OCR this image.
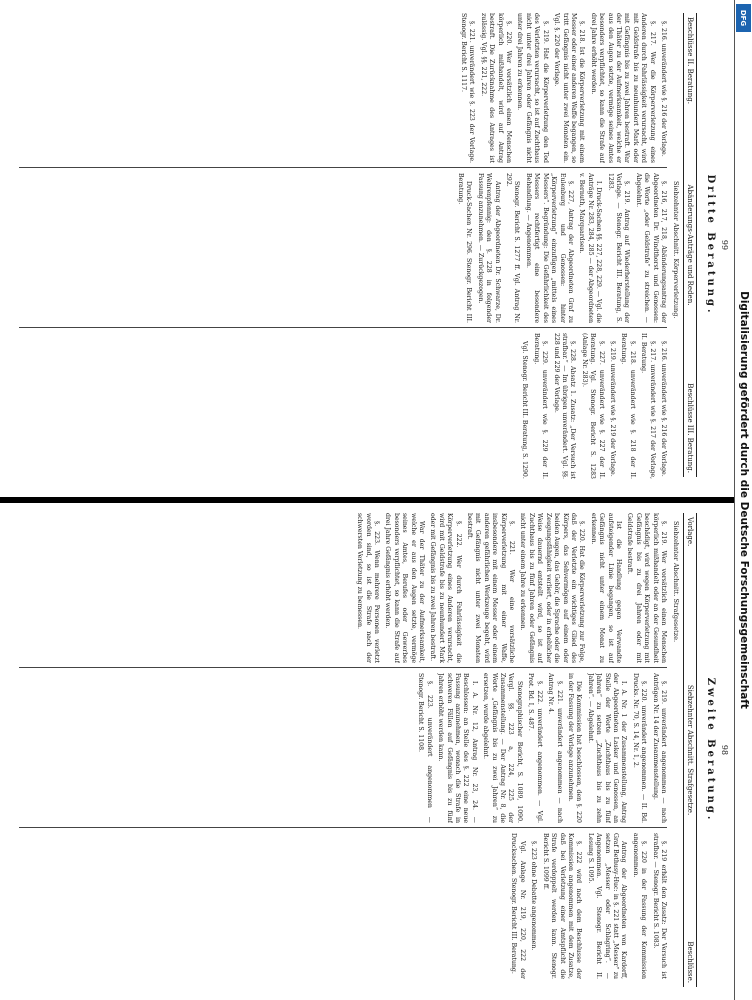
99
Dritte Beratung.
Beschlüsse II. Beratung.
Abänderungs-Anträge und Reden.
Beschlüsse III. Beratung.
Siebzehnter Abschnitt. Körperverletzung.

§. 216. unverändert wie §. 216 der Vorlage.

§. 217. Wer die Körperverletzung eines Anderen durch Fahrlässigkeit verursacht, wird mit Geldstrafe bis zu neunhundert Mark oder mit Gefängnis bis zu zwei Jahren bestraft. War der Thäter zu der Aufmerksamkeit, welche er aus den Augen setzte, vermöge seines Amtes besonders verpflichtet, so kann die Strafe auf drei Jahre erhöht werden.

§. 218. Ist die Körperverletzung mit einem Messer oder einer anderen Waffe begangen, so tritt Gefängnis nicht unter zwei Monaten ein. Vgl. §. 220 der Vorlage.

§. 219. Hat die Körperverletzung den Tod des Verletzten verursacht, so ist auf Zuchthaus nicht unter drei Jahren oder Gefängnis nicht unter drei Jahren zu erkennen.

§. 220. Wer vorsätzlich einen Menschen körperlich mißhandelt, wird auf Antrag bestraft. Die Zurücknahme des Antrages ist zulässig. Vgl. §§. 221, 222.

§. 221. unverändert wie §. 223 der Vorlage. Stenogr. Bericht S. 1117.

§. 216, 217, 218, Abänderungsantrag der Abgeordneten Dr. Windthorst und Genossen: die Worte „oder Geldstrafe“ zu streichen. — Abgelehnt.

§. 219. Antrag auf Wiederherstellung der Vorlage. — Stenogr. Bericht III. Beratung, S. 1283.

I. Druck-Sachen §§. 227, 228, 229. — Vgl. die Anträge Nr. 283, 284, 285 — der Abgeordneten v. Bernuth, Marquardsen.

§. 227, Antrag der Abgeordneten Graf zu Eulenburg und Genossen: hinter „Körperverletzung“ einzufügen „mittels eines Messers“. Begründung: Die Gefährlichkeit des Messers rechtfertigt eine besondere Behandlung. — Angenommen.

Stenogr. Bericht S. 1277 ff. Vgl. Antrag Nr. 292.

Antrag der Abgeordneten Dr. Schwarze, Dr. Wehrenpfennig: den §. 228 in folgender Fassung anzunehmen. — Zurückgezogen.

Druck-Sachen Nr. 296. Stenogr. Bericht III. Beratung.

§. 216. unverändert wie §. 216 der Vorlage.

§. 217. unverändert wie §. 217 der Vorlage, II. Beratung.

§. 218. unverändert wie §. 218 der II. Beratung.

§. 219. unverändert wie §. 219 der Vorlage.

§. 227. unverändert wie §. 227 der II. Beratung. Vgl. Stenogr. Bericht S. 1283 (Anlage Nr. 283).

§. 228. Absatz 1. Zusatz: „Der Versuch ist strafbar.“ — Im übrigen unverändert. Vgl. §§. 228 und 229 der Vorlage.

§. 229. unverändert wie §. 229 der II. Beratung.

Vgl. Stenogr. Bericht III. Beratung, S. 1290.

98
Zweite Beratung.
Vorlage.
Siebzehnter Abschnitt. Strafgesetze.
Beschlüsse.
Siebzehnter Abschnitt. Strafgesetze.

§. 219. Wer vorsätzlich einen Menschen körperlich mißhandelt oder an der Gesundheit beschädigt, wird wegen Körperverletzung mit Gefängnis bis zu drei Jahren oder mit Geldstrafe bestraft.

Ist die Handlung gegen Verwandte aufsteigender Linie begangen, so ist auf Gefängnis nicht unter einem Monat zu erkennen.

§. 220. Hat die Körperverletzung zur Folge, daß der Verletzte ein wichtiges Glied des Körpers, das Sehvermögen auf einem oder beiden Augen, das Gehör, die Sprache oder die Zeugungsfähigkeit verliert, oder in erheblicher Weise dauernd entstellt wird, so ist auf Zuchthaus bis zu fünf Jahren oder Gefängnis nicht unter einem Jahre zu erkennen.

§. 221. Wer eine vorsätzliche Körperverletzung mit einer Waffe, insbesondere mit einem Messer oder einem anderen gefährlichen Werkzeuge begeht, wird mit Gefängnis nicht unter zwei Monaten bestraft.

§. 222. Wer durch Fahrlässigkeit die Körperverletzung eines Anderen verursacht, wird mit Geldstrafe bis zu neunhundert Mark oder mit Gefängnis bis zu zwei Jahren bestraft.

War der Thäter zu der Aufmerksamkeit, welche er aus den Augen setzte, vermöge seines Amtes, Berufes oder Gewerbes besonders verpflichtet, so kann die Strafe auf drei Jahre Gefängnis erhöht werden.

§. 223. Wenn mehrere Personen verletzt worden sind, so ist die Strafe nach der schwersten Verletzung zu bemessen.

§. 219. unverändert angenommen — nach Anträgen Nr. 14 der Zusammenstellung.

§. 220. unverändert angenommen. — II. Bd. Drucks. Nr. 70, S. 14, Nr. 1, 2.

I. A. Nr. 1 der Zusammenstellung, Antrag der Abgeordneten Lasker und Genossen, an Stelle der Worte „Zuchthaus bis zu fünf Jahren“ zu setzen „Zuchthaus bis zu zehn Jahren“. — Abgelehnt.

Die Kommission hat beschlossen, den §. 220 in der Fassung der Vorlage anzunehmen.

§. 221. unverändert angenommen — nach Antrag Nr. 4.

§. 222. unverändert angenommen. — Vgl. Prot. Bd. I, S. 487.

Stenographischer Bericht, S. 1089, 1090. Vergl. §§. 223 a, 224, 225 der Zusammenstellung. — Der Antrag Nr. 8, die Worte „Gefängnis bis zu zwei Jahren“ zu ersetzen, wurde abgelehnt.

I. A. Nr. 12, Antrag Nr. 23, 24. — Beschlossen: an Stelle des §. 222 eine neue Fassung anzunehmen, wonach die Strafe in schweren Fällen auf Gefängnis bis zu fünf Jahren erhöht werden kann.

§. 223. unverändert angenommen — Stenogr. Bericht S. 1108.

§. 219 erhält den Zusatz: Der Versuch ist strafbar. — Stenogr. Bericht S. 1083.

§. 220 in der Fassung der Kommission angenommen.

Antrag der Abgeordneten von Kardorff, Graf Bethusy-Huc: in §. 221 statt „Messer“ zu setzen „Messer oder Schlagring“. — Angenommen. Vgl. Stenogr. Bericht II. Lesung S. 1095.

§. 222 wird nach dem Beschlusse der Kommission angenommen mit dem Zusatze, daß bei Verletzung einer Amtspflicht die Strafe verdoppelt werden kann. Stenogr. Bericht S. 1099 ff.

§. 223 ohne Debatte angenommen.

Vgl. Anlage Nr. 219, 220, 222 der Drucksachen. Stenogr. Bericht III. Beratung.

DFG
Digitalisierung gefördert durch die Deutsche Forschungsgemeinschaft
